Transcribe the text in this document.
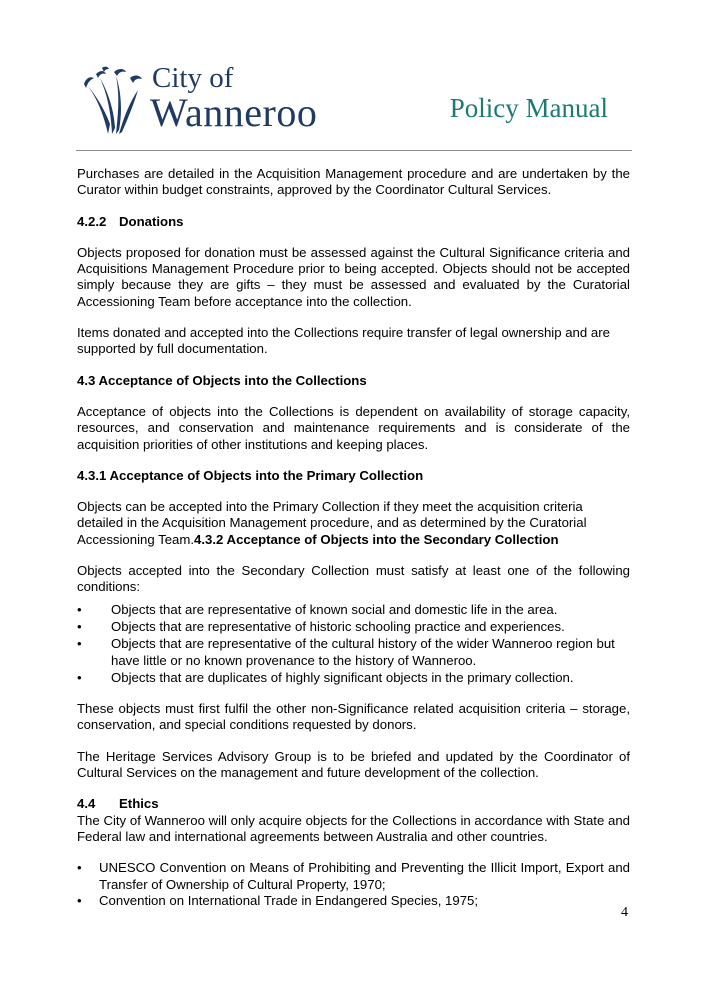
City of
Wanneroo	Policy Manual

Purchases are detailed in the Acquisition Management procedure and are undertaken by the Curator within budget constraints, approved by the Coordinator Cultural Services.

4.2.2 Donations

Objects proposed for donation must be assessed against the Cultural Significance criteria and Acquisitions Management Procedure prior to being accepted. Objects should not be accepted simply because they are gifts – they must be assessed and evaluated by the Curatorial Accessioning Team before acceptance into the collection.

Items donated and accepted into the Collections require transfer of legal ownership and are supported by full documentation.

4.3 Acceptance of Objects into the Collections

Acceptance of objects into the Collections is dependent on availability of storage capacity, resources, and conservation and maintenance requirements and is considerate of the acquisition priorities of other institutions and keeping places.

4.3.1 Acceptance of Objects into the Primary Collection

Objects can be accepted into the Primary Collection if they meet the acquisition criteria detailed in the Acquisition Management procedure, and as determined by the Curatorial Accessioning Team.4.3.2 Acceptance of Objects into the Secondary Collection

Objects accepted into the Secondary Collection must satisfy at least one of the following conditions:

• Objects that are representative of known social and domestic life in the area.
• Objects that are representative of historic schooling practice and experiences.
• Objects that are representative of the cultural history of the wider Wanneroo region but have little or no known provenance to the history of Wanneroo.
• Objects that are duplicates of highly significant objects in the primary collection.

These objects must first fulfil the other non-Significance related acquisition criteria – storage, conservation, and special conditions requested by donors.

The Heritage Services Advisory Group is to be briefed and updated by the Coordinator of Cultural Services on the management and future development of the collection.

4.4 Ethics

The City of Wanneroo will only acquire objects for the Collections in accordance with State and Federal law and international agreements between Australia and other countries.

• UNESCO Convention on Means of Prohibiting and Preventing the Illicit Import, Export and Transfer of Ownership of Cultural Property, 1970;
• Convention on International Trade in Endangered Species, 1975;
4
